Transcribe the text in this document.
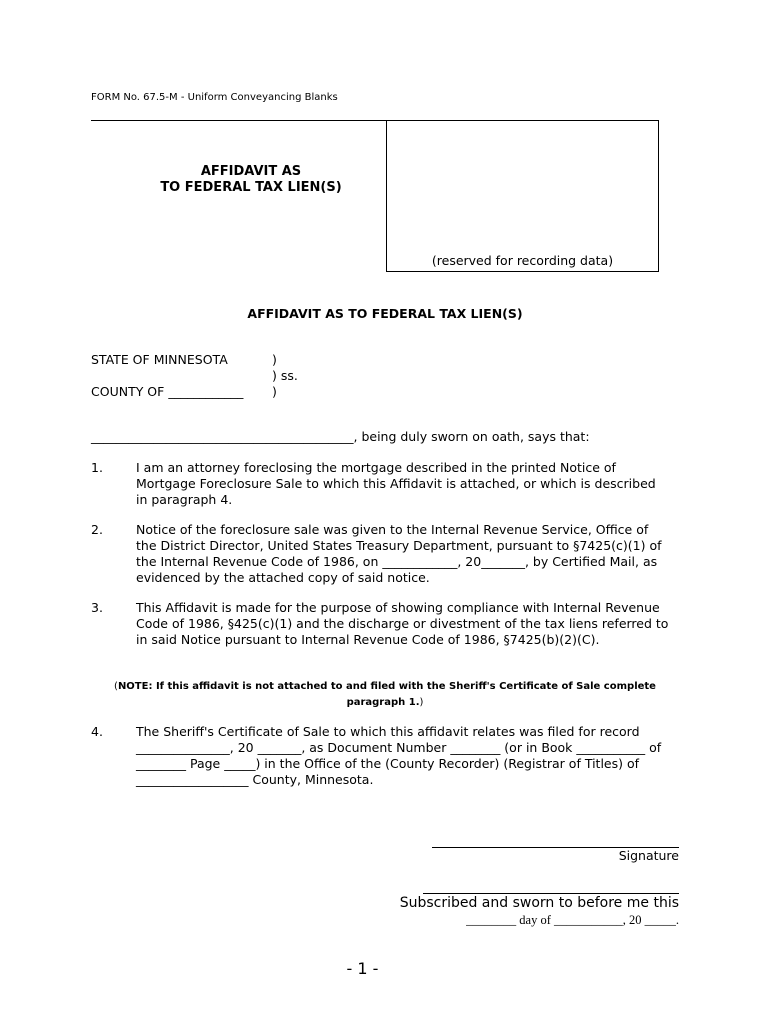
FORM No. 67.5-M - Uniform Conveyancing Blanks
AFFIDAVIT AS
TO FEDERAL TAX LIEN(S)
(reserved for recording data)
AFFIDAVIT AS TO FEDERAL TAX LIEN(S)
STATE OF MINNESOTA	)
) ss.
COUNTY OF ____________ )
__________________________________________, being duly sworn on oath, says that:
1.	I am an attorney foreclosing the mortgage described in the printed Notice of
Mortgage Foreclosure Sale to which this Affidavit is attached, or which is described
in paragraph 4.
2.	Notice of the foreclosure sale was given to the Internal Revenue Service, Office of
the District Director, United States Treasury Department, pursuant to §7425(c)(1) of
the Internal Revenue Code of 1986, on ____________, 20_______, by Certified Mail, as
evidenced by the attached copy of said notice.
3.	This Affidavit is made for the purpose of showing compliance with Internal Revenue
Code of 1986, §425(c)(1) and the discharge or divestment of the tax liens referred to
in said Notice pursuant to Internal Revenue Code of 1986, §7425(b)(2)(C).
(NOTE: If this affidavit is not attached to and filed with the Sheriff's Certificate of Sale complete
paragraph 1.)
4.	The Sheriff's Certificate of Sale to which this affidavit relates was filed for record
_______________, 20 _______, as Document Number ________ (or in Book ___________ of
________ Page _____) in the Office of the (County Recorder) (Registrar of Titles) of
__________________ County, Minnesota.
Signature
Subscribed and sworn to before me this
________ day of ___________, 20 _____.
- 1 -
